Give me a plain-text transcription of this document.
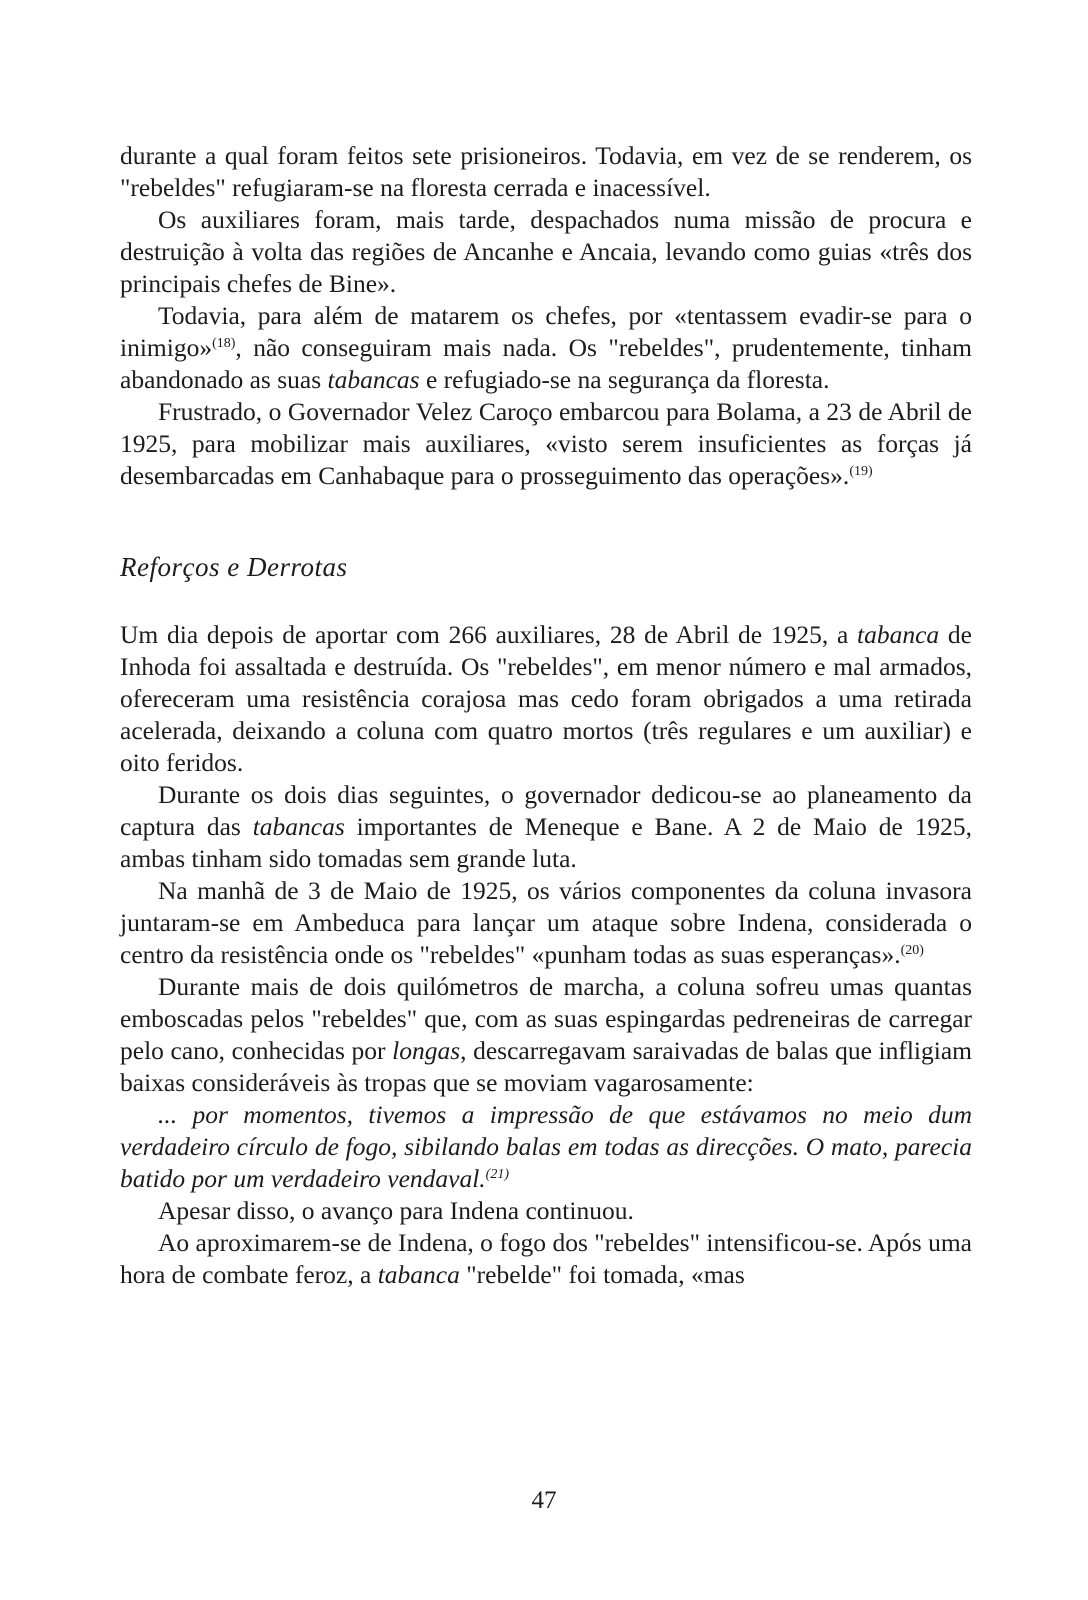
durante a qual foram feitos sete prisioneiros. Todavia, em vez de se renderem, os "rebeldes" refugiaram-se na floresta cerrada e inacessível.

Os auxiliares foram, mais tarde, despachados numa missão de procura e destruição à volta das regiões de Ancanhe e Ancaia, levando como guias «três dos principais chefes de Bine».

Todavia, para além de matarem os chefes, por «tentassem evadir-se para o inimigo»$^{(18)}$, não conseguiram mais nada. Os "rebeldes", prudentemente, tinham abandonado as suas tabancas e refugiado-se na segurança da floresta.

Frustrado, o Governador Velez Caroço embarcou para Bolama, a 23 de Abril de 1925, para mobilizar mais auxiliares, «visto serem insuficientes as forças já desembarcadas em Canhabaque para o prosseguimento das operações».$^{(19)}$

Reforços e Derrotas

Um dia depois de aportar com 266 auxiliares, 28 de Abril de 1925, a tabanca de Inhoda foi assaltada e destruída. Os "rebeldes", em menor número e mal armados, ofereceram uma resistência corajosa mas cedo foram obrigados a uma retirada acelerada, deixando a coluna com quatro mortos (três regulares e um auxiliar) e oito feridos.

Durante os dois dias seguintes, o governador dedicou-se ao planeamento da captura das tabancas importantes de Meneque e Bane. A 2 de Maio de 1925, ambas tinham sido tomadas sem grande luta.

Na manhã de 3 de Maio de 1925, os vários componentes da coluna invasora juntaram-se em Ambeduca para lançar um ataque sobre Indena, considerada o centro da resistência onde os "rebeldes" «punham todas as suas esperanças».$^{(20)}$

Durante mais de dois quilómetros de marcha, a coluna sofreu umas quantas emboscadas pelos "rebeldes" que, com as suas espingardas pedreneiras de carregar pelo cano, conhecidas por longas, descarregavam saraivadas de balas que infligiam baixas consideráveis às tropas que se moviam vagarosamente:

... por momentos, tivemos a impressão de que estávamos no meio dum verdadeiro círculo de fogo, sibilando balas em todas as direcções. O mato, parecia batido por um verdadeiro vendaval.$^{(21)}$

Apesar disso, o avanço para Indena continuou.

Ao aproximarem-se de Indena, o fogo dos "rebeldes" intensificou-se. Após uma hora de combate feroz, a tabanca "rebelde" foi tomada, «mas

47
